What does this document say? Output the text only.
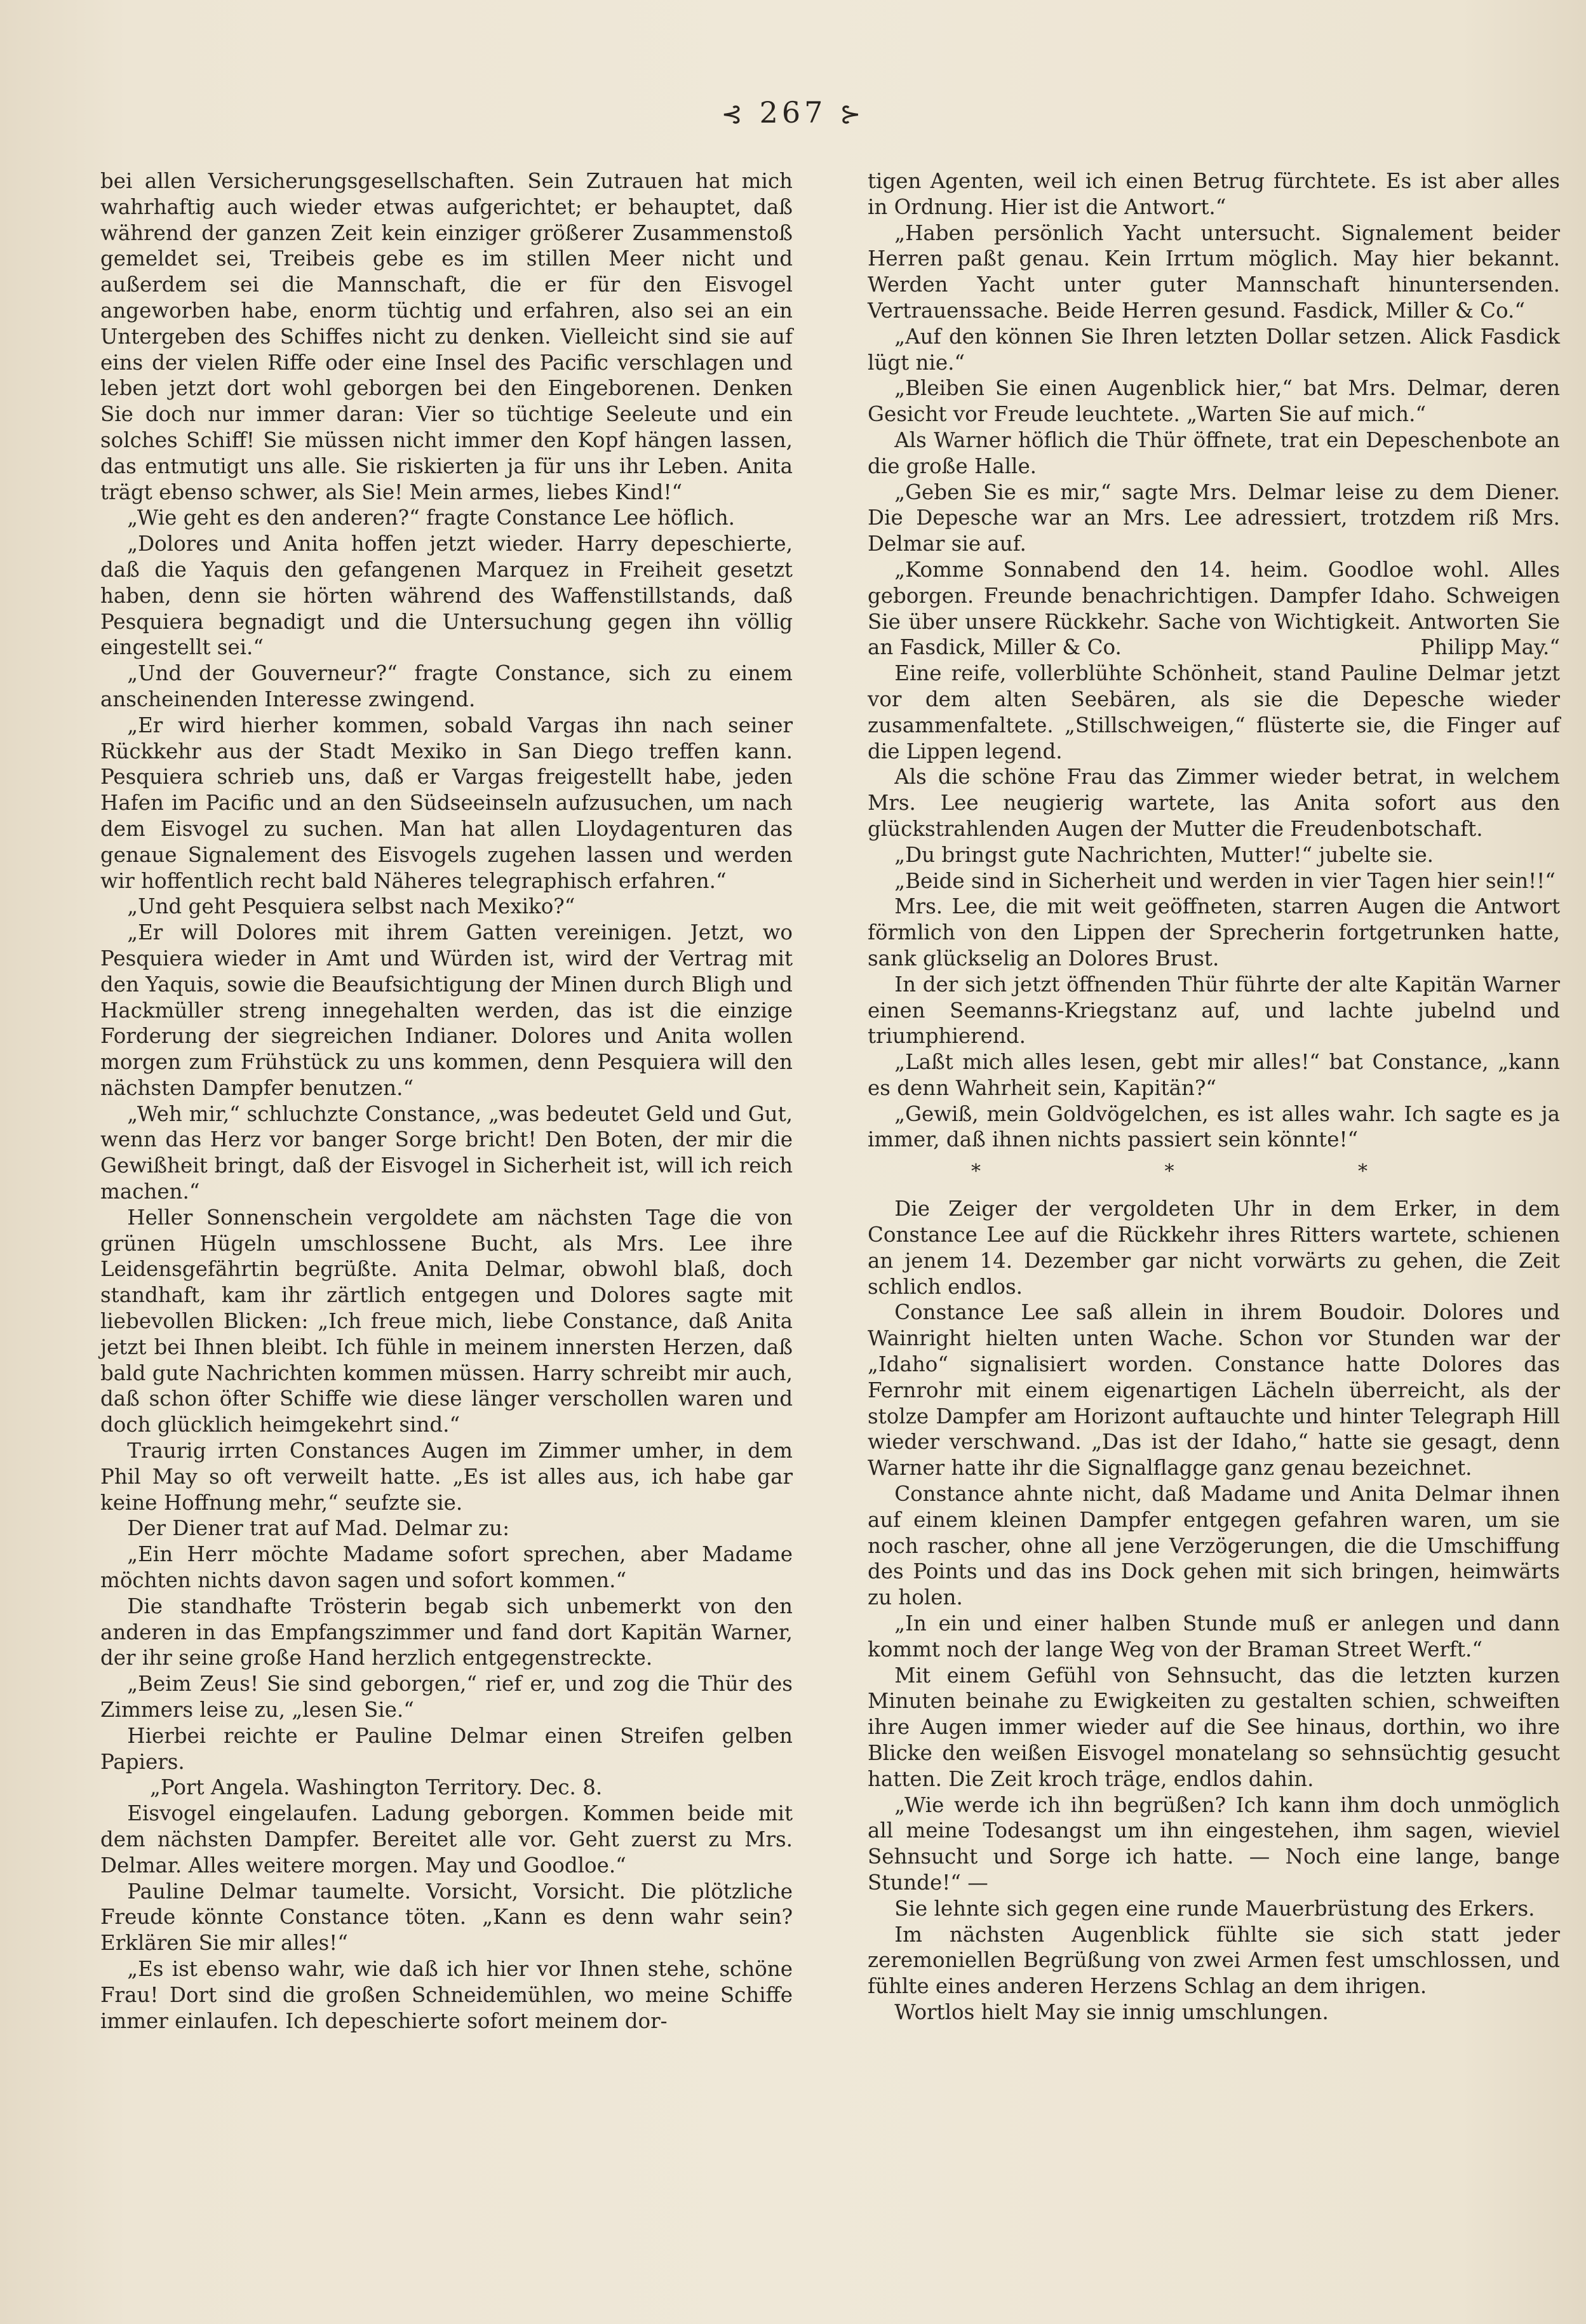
⊰ 267 ⊱

bei allen Versicherungsgesellschaften. Sein Zutrauen hat mich wahrhaftig auch wieder etwas aufgerichtet; er behauptet, daß während der ganzen Zeit kein einziger größerer Zusammenstoß gemeldet sei, Treibeis gebe es im stillen Meer nicht und außerdem sei die Mannschaft, die er für den Eisvogel angeworben habe, enorm tüchtig und erfahren, also sei an ein Untergeben des Schiffes nicht zu denken. Vielleicht sind sie auf eins der vielen Riffe oder eine Insel des Pacific verschlagen und leben jetzt dort wohl geborgen bei den Eingeborenen. Denken Sie doch nur immer daran: Vier so tüchtige Seeleute und ein solches Schiff! Sie müssen nicht immer den Kopf hängen lassen, das entmutigt uns alle. Sie riskierten ja für uns ihr Leben. Anita trägt ebenso schwer, als Sie! Mein armes, liebes Kind!“

„Wie geht es den anderen?“ fragte Constance Lee höflich.

„Dolores und Anita hoffen jetzt wieder. Harry depeschierte, daß die Yaquis den gefangenen Marquez in Freiheit gesetzt haben, denn sie hörten während des Waffenstillstands, daß Pesquiera begnadigt und die Untersuchung gegen ihn völlig eingestellt sei.“

„Und der Gouverneur?“ fragte Constance, sich zu einem anscheinenden Interesse zwingend.

„Er wird hierher kommen, sobald Vargas ihn nach seiner Rückkehr aus der Stadt Mexiko in San Diego treffen kann. Pesquiera schrieb uns, daß er Vargas freigestellt habe, jeden Hafen im Pacific und an den Südseeinseln aufzusuchen, um nach dem Eisvogel zu suchen. Man hat allen Lloydagenturen das genaue Signalement des Eisvogels zugehen lassen und werden wir hoffentlich recht bald Näheres telegraphisch erfahren.“

„Und geht Pesquiera selbst nach Mexiko?“

„Er will Dolores mit ihrem Gatten vereinigen. Jetzt, wo Pesquiera wieder in Amt und Würden ist, wird der Vertrag mit den Yaquis, sowie die Beaufsichtigung der Minen durch Bligh und Hackmüller streng innegehalten werden, das ist die einzige Forderung der siegreichen Indianer. Dolores und Anita wollen morgen zum Frühstück zu uns kommen, denn Pesquiera will den nächsten Dampfer benutzen.“

„Weh mir,“ schluchzte Constance, „was bedeutet Geld und Gut, wenn das Herz vor banger Sorge bricht! Den Boten, der mir die Gewißheit bringt, daß der Eisvogel in Sicherheit ist, will ich reich machen.“

Heller Sonnenschein vergoldete am nächsten Tage die von grünen Hügeln umschlossene Bucht, als Mrs. Lee ihre Leidensgefährtin begrüßte. Anita Delmar, obwohl blaß, doch standhaft, kam ihr zärtlich entgegen und Dolores sagte mit liebevollen Blicken: „Ich freue mich, liebe Constance, daß Anita jetzt bei Ihnen bleibt. Ich fühle in meinem innersten Herzen, daß bald gute Nachrichten kommen müssen. Harry schreibt mir auch, daß schon öfter Schiffe wie diese länger verschollen waren und doch glücklich heimgekehrt sind.“

Traurig irrten Constances Augen im Zimmer umher, in dem Phil May so oft verweilt hatte. „Es ist alles aus, ich habe gar keine Hoffnung mehr,“ seufzte sie.

Der Diener trat auf Mad. Delmar zu:

„Ein Herr möchte Madame sofort sprechen, aber Madame möchten nichts davon sagen und sofort kommen.“

Die standhafte Trösterin begab sich unbemerkt von den anderen in das Empfangszimmer und fand dort Kapitän Warner, der ihr seine große Hand herzlich entgegenstreckte.

„Beim Zeus! Sie sind geborgen,“ rief er, und zog die Thür des Zimmers leise zu, „lesen Sie.“

Hierbei reichte er Pauline Delmar einen Streifen gelben Papiers.

„Port Angela. Washington Territory. Dec. 8.

Eisvogel eingelaufen. Ladung geborgen. Kommen beide mit dem nächsten Dampfer. Bereitet alle vor. Geht zuerst zu Mrs. Delmar. Alles weitere morgen. May und Goodloe.“

Pauline Delmar taumelte. Vorsicht, Vorsicht. Die plötzliche Freude könnte Constance töten. „Kann es denn wahr sein? Erklären Sie mir alles!“

„Es ist ebenso wahr, wie daß ich hier vor Ihnen stehe, schöne Frau! Dort sind die großen Schneidemühlen, wo meine Schiffe immer einlaufen. Ich depeschierte sofort meinem dor-

tigen Agenten, weil ich einen Betrug fürchtete. Es ist aber alles in Ordnung. Hier ist die Antwort.“

„Haben persönlich Yacht untersucht. Signalement beider Herren paßt genau. Kein Irrtum möglich. May hier bekannt. Werden Yacht unter guter Mannschaft hinuntersenden. Vertrauenssache. Beide Herren gesund. Fasdick, Miller & Co.“

„Auf den können Sie Ihren letzten Dollar setzen. Alick Fasdick lügt nie.“

„Bleiben Sie einen Augenblick hier,“ bat Mrs. Delmar, deren Gesicht vor Freude leuchtete. „Warten Sie auf mich.“

Als Warner höflich die Thür öffnete, trat ein Depeschenbote an die große Halle.

„Geben Sie es mir,“ sagte Mrs. Delmar leise zu dem Diener. Die Depesche war an Mrs. Lee adressiert, trotzdem riß Mrs. Delmar sie auf.

„Komme Sonnabend den 14. heim. Goodloe wohl. Alles geborgen. Freunde benachrichtigen. Dampfer Idaho. Schweigen Sie über unsere Rückkehr. Sache von Wichtigkeit. Antworten Sie an Fasdick, Miller & Co.	Philipp May.“

Eine reife, vollerblühte Schönheit, stand Pauline Delmar jetzt vor dem alten Seebären, als sie die Depesche wieder zusammenfaltete. „Stillschweigen,“ flüsterte sie, die Finger auf die Lippen legend.

Als die schöne Frau das Zimmer wieder betrat, in welchem Mrs. Lee neugierig wartete, las Anita sofort aus den glückstrahlenden Augen der Mutter die Freudenbotschaft.

„Du bringst gute Nachrichten, Mutter!“ jubelte sie.

„Beide sind in Sicherheit und werden in vier Tagen hier sein!!“

Mrs. Lee, die mit weit geöffneten, starren Augen die Antwort förmlich von den Lippen der Sprecherin fortgetrunken hatte, sank glückselig an Dolores Brust.

In der sich jetzt öffnenden Thür führte der alte Kapitän Warner einen Seemanns-Kriegstanz auf, und lachte jubelnd und triumphierend.

„Laßt mich alles lesen, gebt mir alles!“ bat Constance, „kann es denn Wahrheit sein, Kapitän?“

„Gewiß, mein Goldvögelchen, es ist alles wahr. Ich sagte es ja immer, daß ihnen nichts passiert sein könnte!“

* * *

Die Zeiger der vergoldeten Uhr in dem Erker, in dem Constance Lee auf die Rückkehr ihres Ritters wartete, schienen an jenem 14. Dezember gar nicht vorwärts zu gehen, die Zeit schlich endlos.

Constance Lee saß allein in ihrem Boudoir. Dolores und Wainright hielten unten Wache. Schon vor Stunden war der „Idaho“ signalisiert worden. Constance hatte Dolores das Fernrohr mit einem eigenartigen Lächeln überreicht, als der stolze Dampfer am Horizont auftauchte und hinter Telegraph Hill wieder verschwand. „Das ist der Idaho,“ hatte sie gesagt, denn Warner hatte ihr die Signalflagge ganz genau bezeichnet.

Constance ahnte nicht, daß Madame und Anita Delmar ihnen auf einem kleinen Dampfer entgegen gefahren waren, um sie noch rascher, ohne all jene Verzögerungen, die die Umschiffung des Points und das ins Dock gehen mit sich bringen, heimwärts zu holen.

„In ein und einer halben Stunde muß er anlegen und dann kommt noch der lange Weg von der Braman Street Werft.“

Mit einem Gefühl von Sehnsucht, das die letzten kurzen Minuten beinahe zu Ewigkeiten zu gestalten schien, schweiften ihre Augen immer wieder auf die See hinaus, dorthin, wo ihre Blicke den weißen Eisvogel monatelang so sehnsüchtig gesucht hatten. Die Zeit kroch träge, endlos dahin.

„Wie werde ich ihn begrüßen? Ich kann ihm doch unmöglich all meine Todesangst um ihn eingestehen, ihm sagen, wieviel Sehnsucht und Sorge ich hatte. — Noch eine lange, bange Stunde!“ —

Sie lehnte sich gegen eine runde Mauerbrüstung des Erkers.

Im nächsten Augenblick fühlte sie sich statt jeder zeremoniellen Begrüßung von zwei Armen fest umschlossen, und fühlte eines anderen Herzens Schlag an dem ihrigen.

Wortlos hielt May sie innig umschlungen.
